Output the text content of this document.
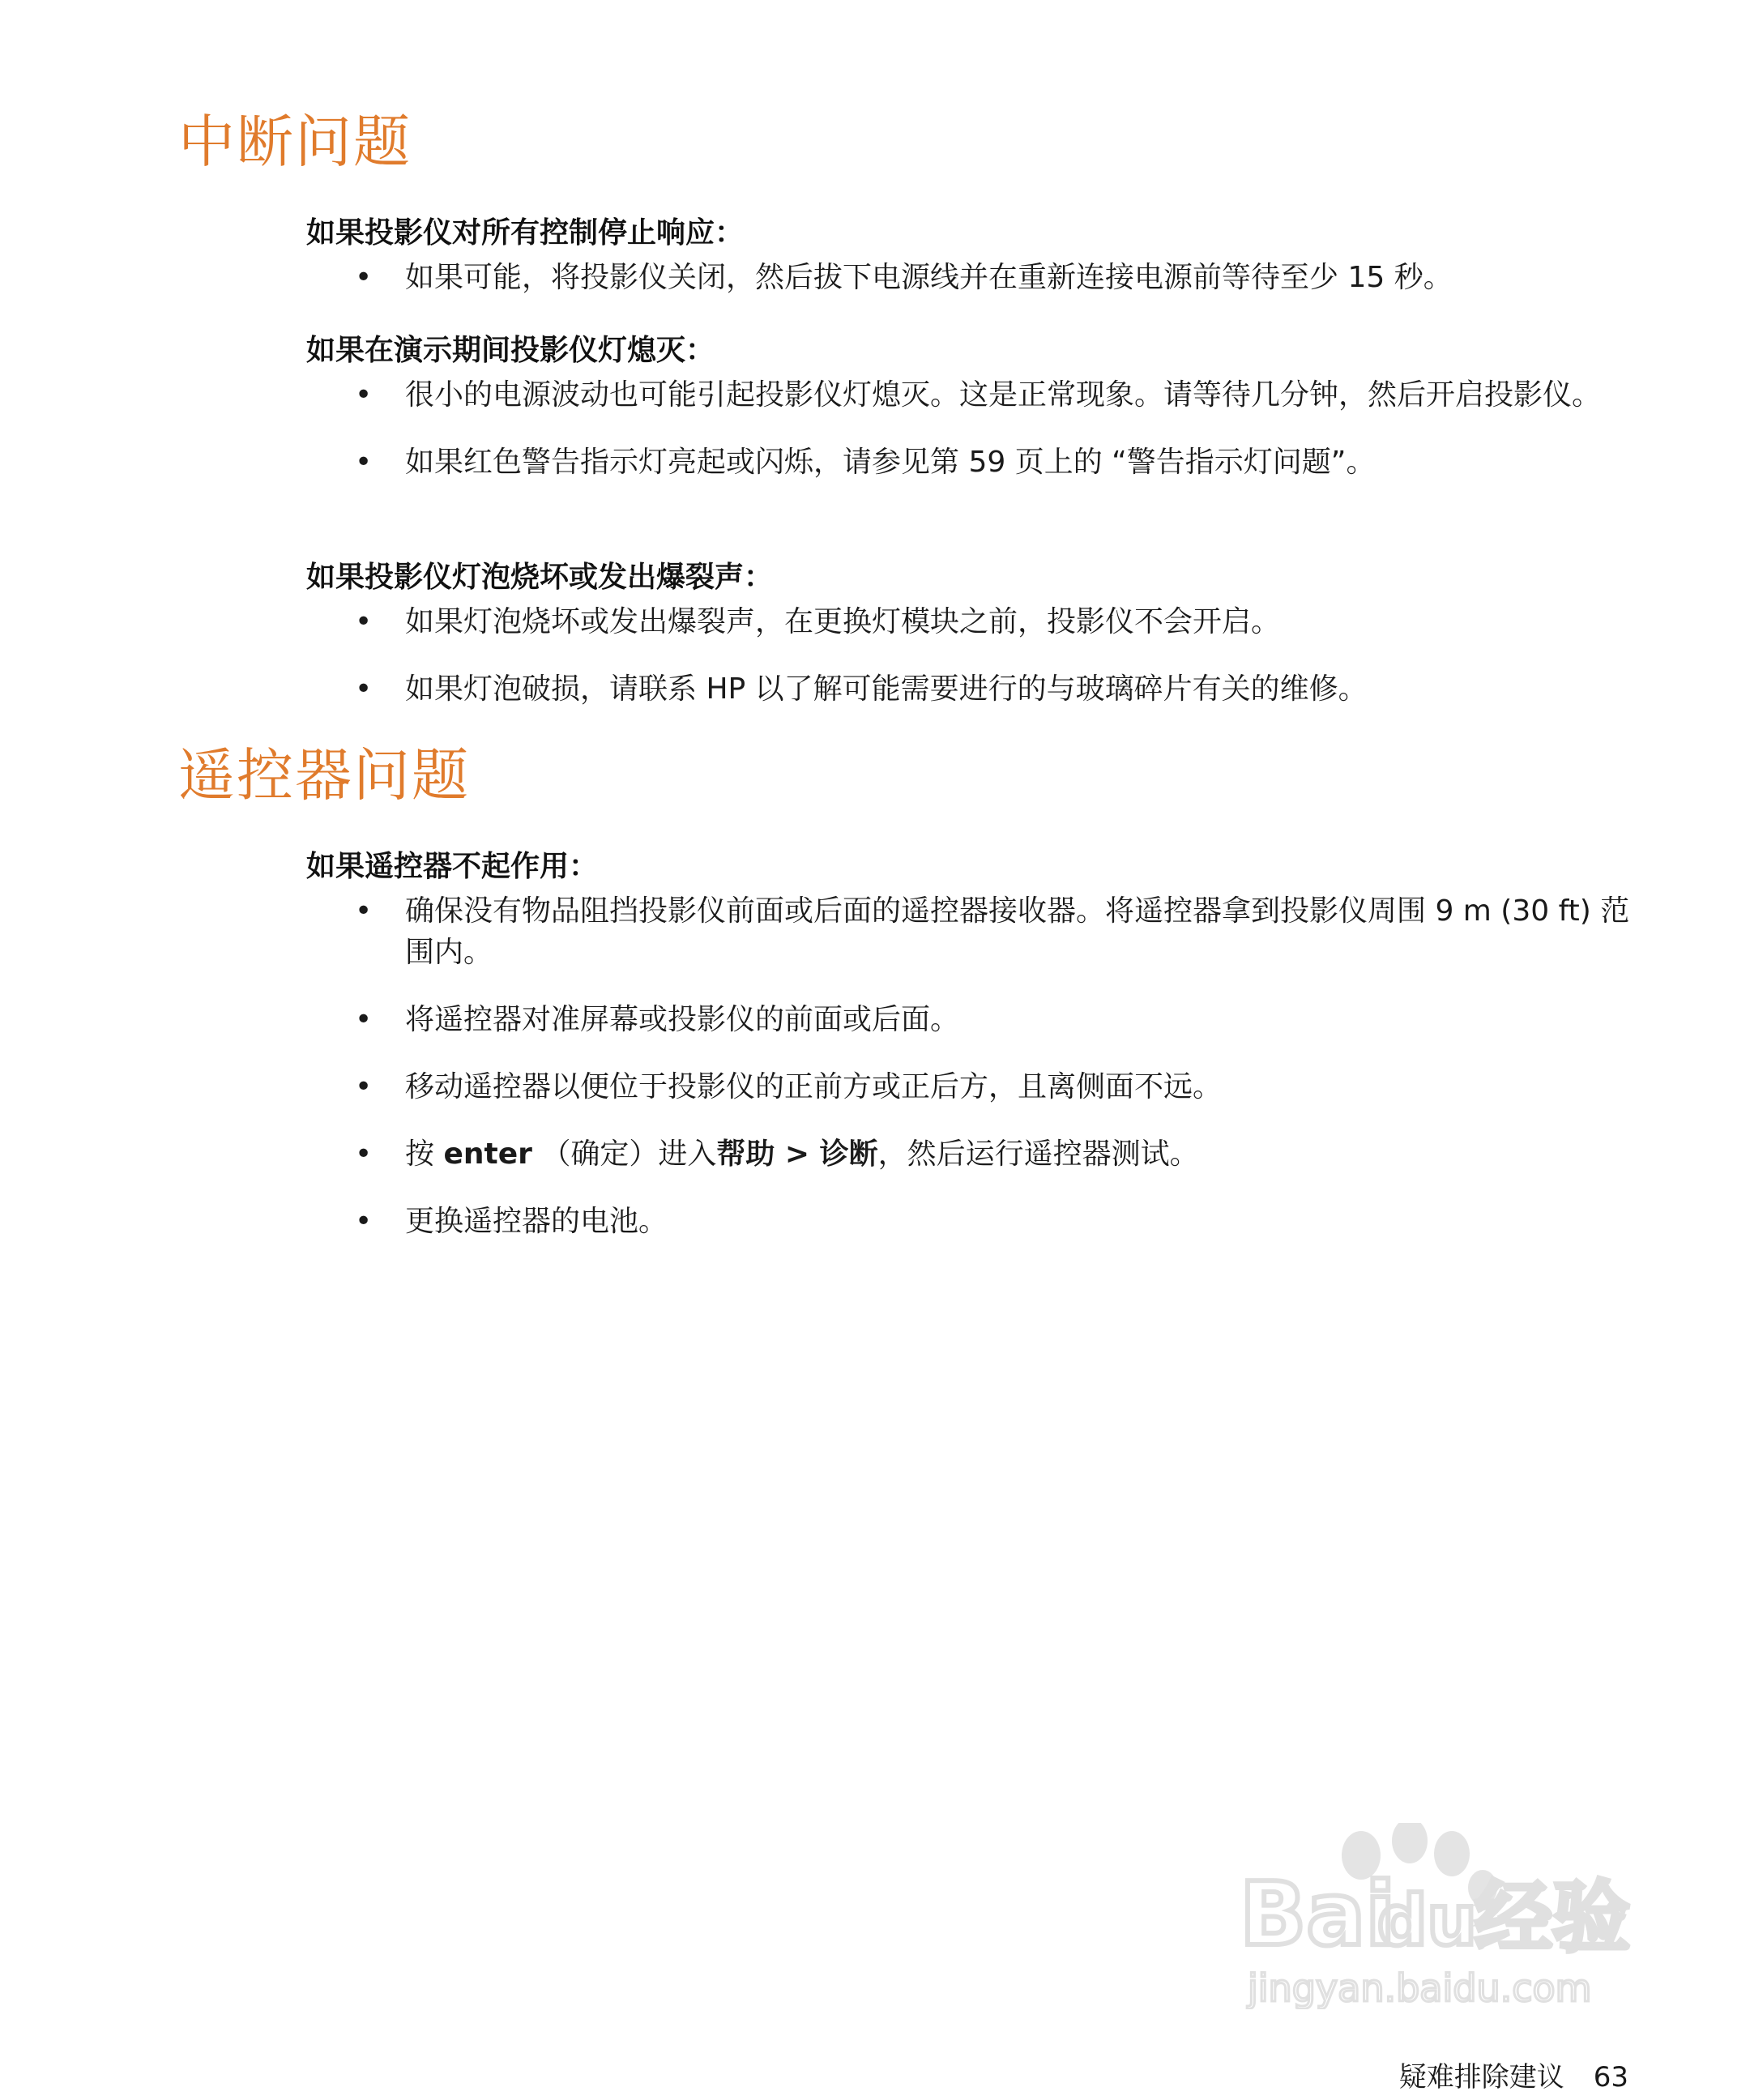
中断问题
如果投影仪对所有控制停止响应：
• 如果可能，将投影仪关闭，然后拔下电源线并在重新连接电源前等待至少 15 秒。
如果在演示期间投影仪灯熄灭：
• 很小的电源波动也可能引起投影仪灯熄灭。这是正常现象。请等待几分钟，然后开启投影仪。
• 如果红色警告指示灯亮起或闪烁，请参见第 59 页上的 “警告指示灯问题”。
如果投影仪灯泡烧坏或发出爆裂声：
• 如果灯泡烧坏或发出爆裂声，在更换灯模块之前，投影仪不会开启。
• 如果灯泡破损，请联系 HP 以了解可能需要进行的与玻璃碎片有关的维修。
遥控器问题
如果遥控器不起作用：
• 确保没有物品阻挡投影仪前面或后面的遥控器接收器。将遥控器拿到投影仪周围 9 m (30 ft) 范围内。
• 将遥控器对准屏幕或投影仪的前面或后面。
• 移动遥控器以便位于投影仪的正前方或正后方，且离侧面不远。
• 按 enter （确定）进入帮助 > 诊断，然后运行遥控器测试。
• 更换遥控器的电池。
Bai
du
经验
jingyan.baidu.com
疑难排除建议 63
